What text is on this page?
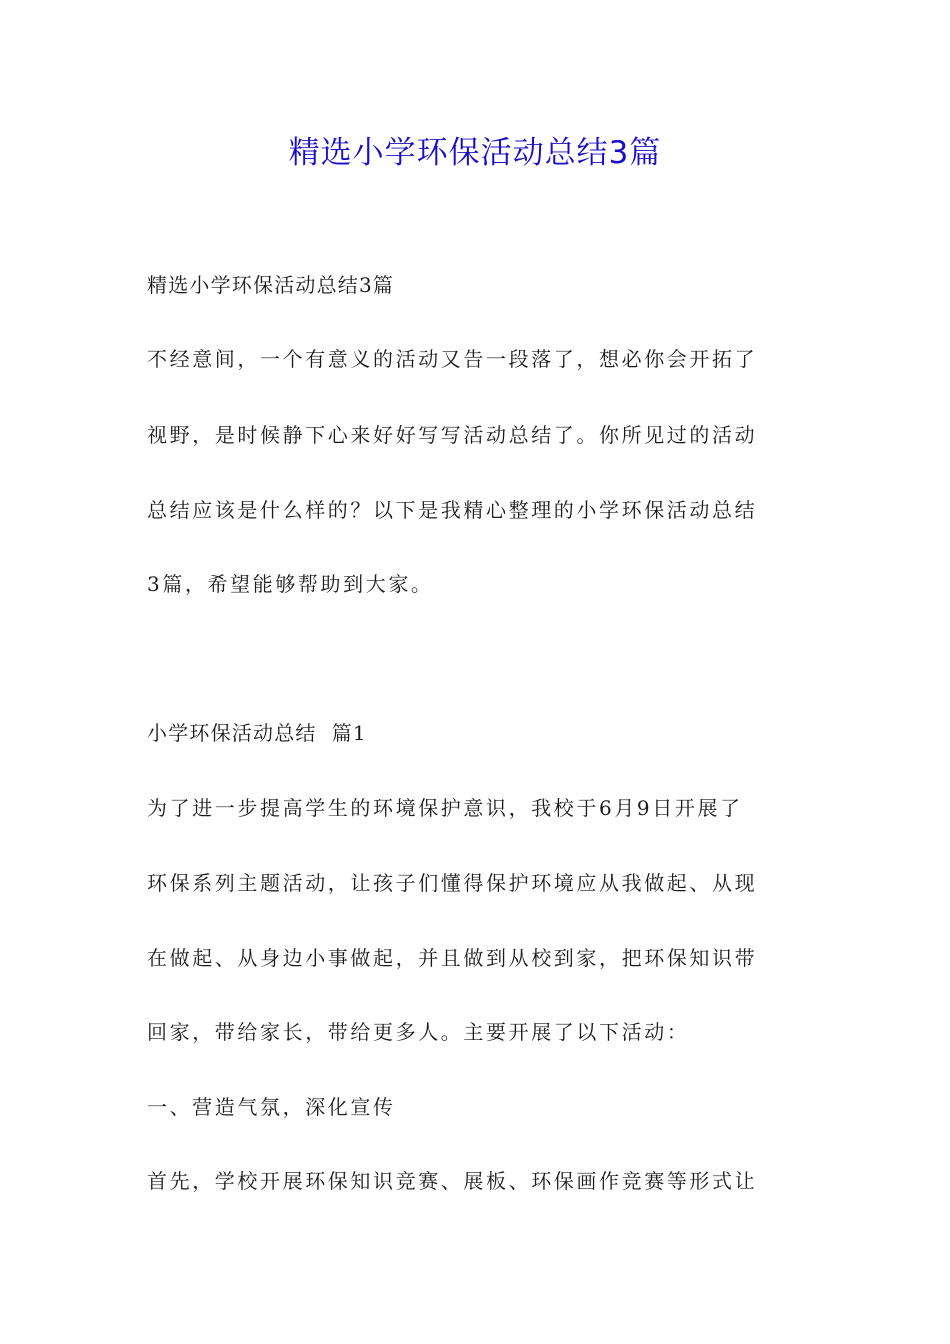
精选小学环保活动总结3篇

精选小学环保活动总结3篇

不经意间，一个有意义的活动又告一段落了，想必你会开拓了

视野，是时候静下心来好好写写活动总结了。你所见过的活动

总结应该是什么样的？以下是我精心整理的小学环保活动总结

3篇，希望能够帮助到大家。

小学环保活动总结  篇1

为了进一步提高学生的环境保护意识，我校于6月9日开展了

环保系列主题活动，让孩子们懂得保护环境应从我做起、从现

在做起、从身边小事做起，并且做到从校到家，把环保知识带

回家，带给家长，带给更多人。主要开展了以下活动：

一、营造气氛，深化宣传

首先，学校开展环保知识竞赛、展板、环保画作竞赛等形式让
